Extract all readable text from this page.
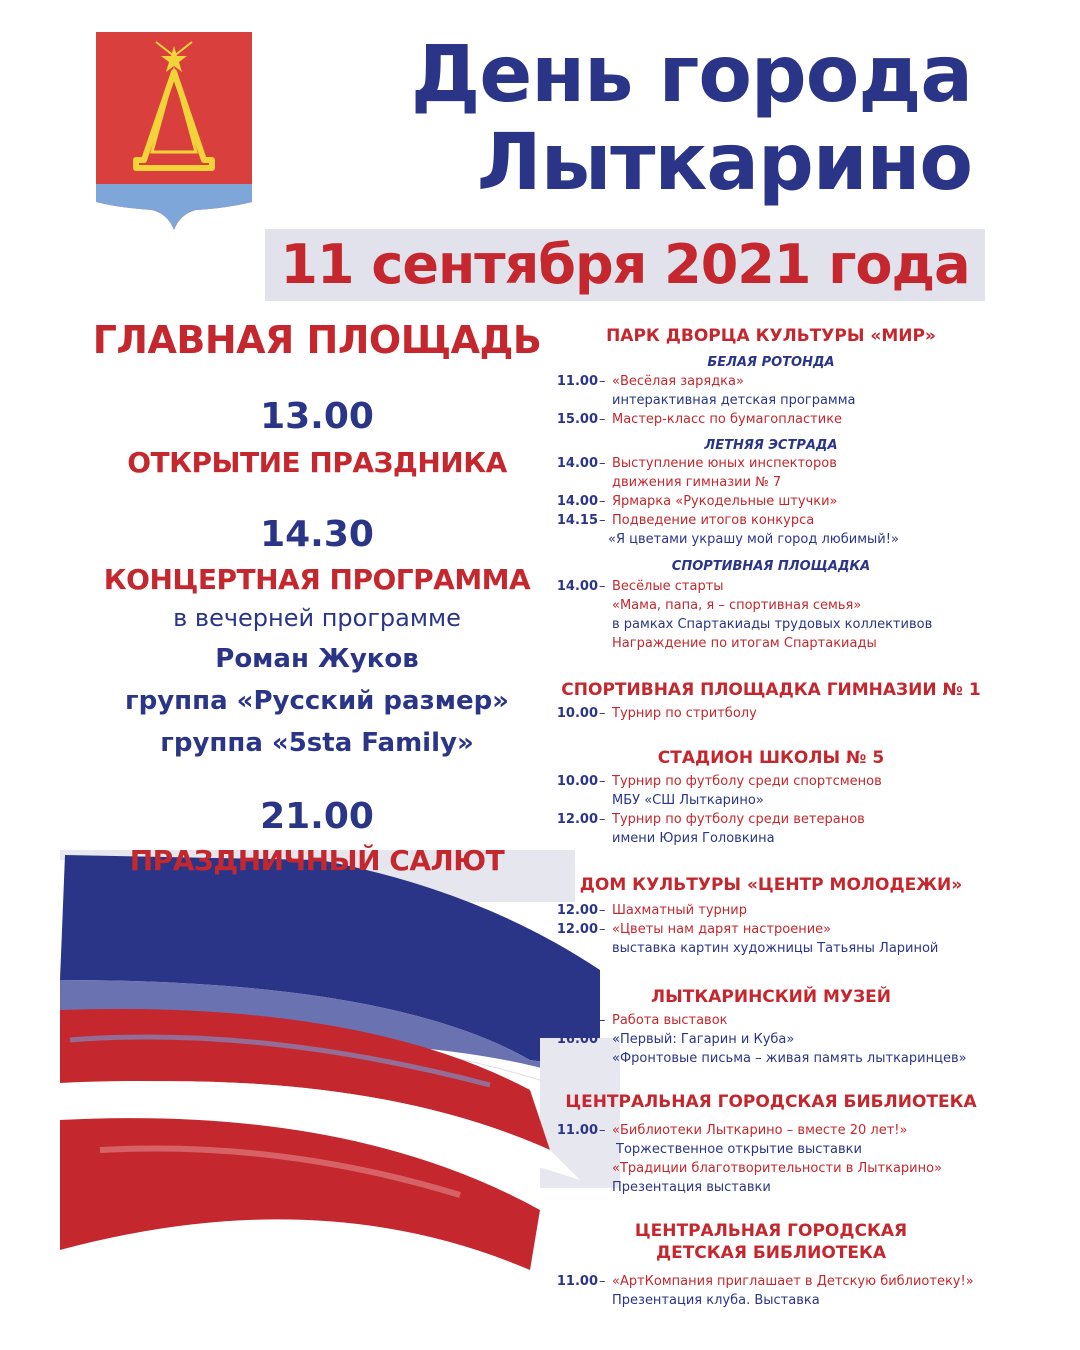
День города
Лыткарино
11 сентября 2021 года
ГЛАВНАЯ ПЛОЩАДЬ
13.00
ОТКРЫТИЕ ПРАЗДНИКА
14.30
КОНЦЕРТНАЯ ПРОГРАММА
в вечерней программе
Роман Жуков
группа «Русский размер»
группа «5sta Family»
21.00
ПРАЗДНИЧНЫЙ САЛЮТ
ПАРК ДВОРЦА КУЛЬТУРЫ «МИР»
БЕЛАЯ РОТОНДА
11.00 – «Весёлая зарядка»
интерактивная детская программа
15.00 – Мастер-класс по бумагопластике
ЛЕТНЯЯ ЭСТРАДА
14.00 – Выступление юных инспекторов
движения гимназии № 7
14.00 – Ярмарка «Рукодельные штучки»
14.15 – Подведение итогов конкурса
«Я цветами украшу мой город любимый!»
СПОРТИВНАЯ ПЛОЩАДКА
14.00 – Весёлые старты
«Мама, папа, я – спортивная семья»
в рамках Спартакиады трудовых коллективов
Награждение по итогам Спартакиады
СПОРТИВНАЯ ПЛОЩАДКА ГИМНАЗИИ № 1
10.00 – Турнир по стритболу
СТАДИОН ШКОЛЫ № 5
10.00 – Турнир по футболу среди спортсменов
МБУ «СШ Лыткарино»
12.00 – Турнир по футболу среди ветеранов
имени Юрия Головкина
ДОМ КУЛЬТУРЫ «ЦЕНТР МОЛОДЕЖИ»
12.00 – Шахматный турнир
12.00 – «Цветы нам дарят настроение»
выставка картин художницы Татьяны Лариной
ЛЫТКАРИНСКИЙ МУЗЕЙ
11.00 – Работа выставок
16.00 «Первый: Гагарин и Куба»
«Фронтовые письма – живая память лыткаринцев»
ЦЕНТРАЛЬНАЯ ГОРОДСКАЯ БИБЛИОТЕКА
11.00 – «Библиотеки Лыткарино – вместе 20 лет!»
Торжественное открытие выставки
«Традиции благотворительности в Лыткарино»
Презентация выставки
ЦЕНТРАЛЬНАЯ ГОРОДСКАЯ
ДЕТСКАЯ БИБЛИОТЕКА
11.00 – «АртКомпания приглашает в Детскую библиотеку!»
Презентация клуба. Выставка
